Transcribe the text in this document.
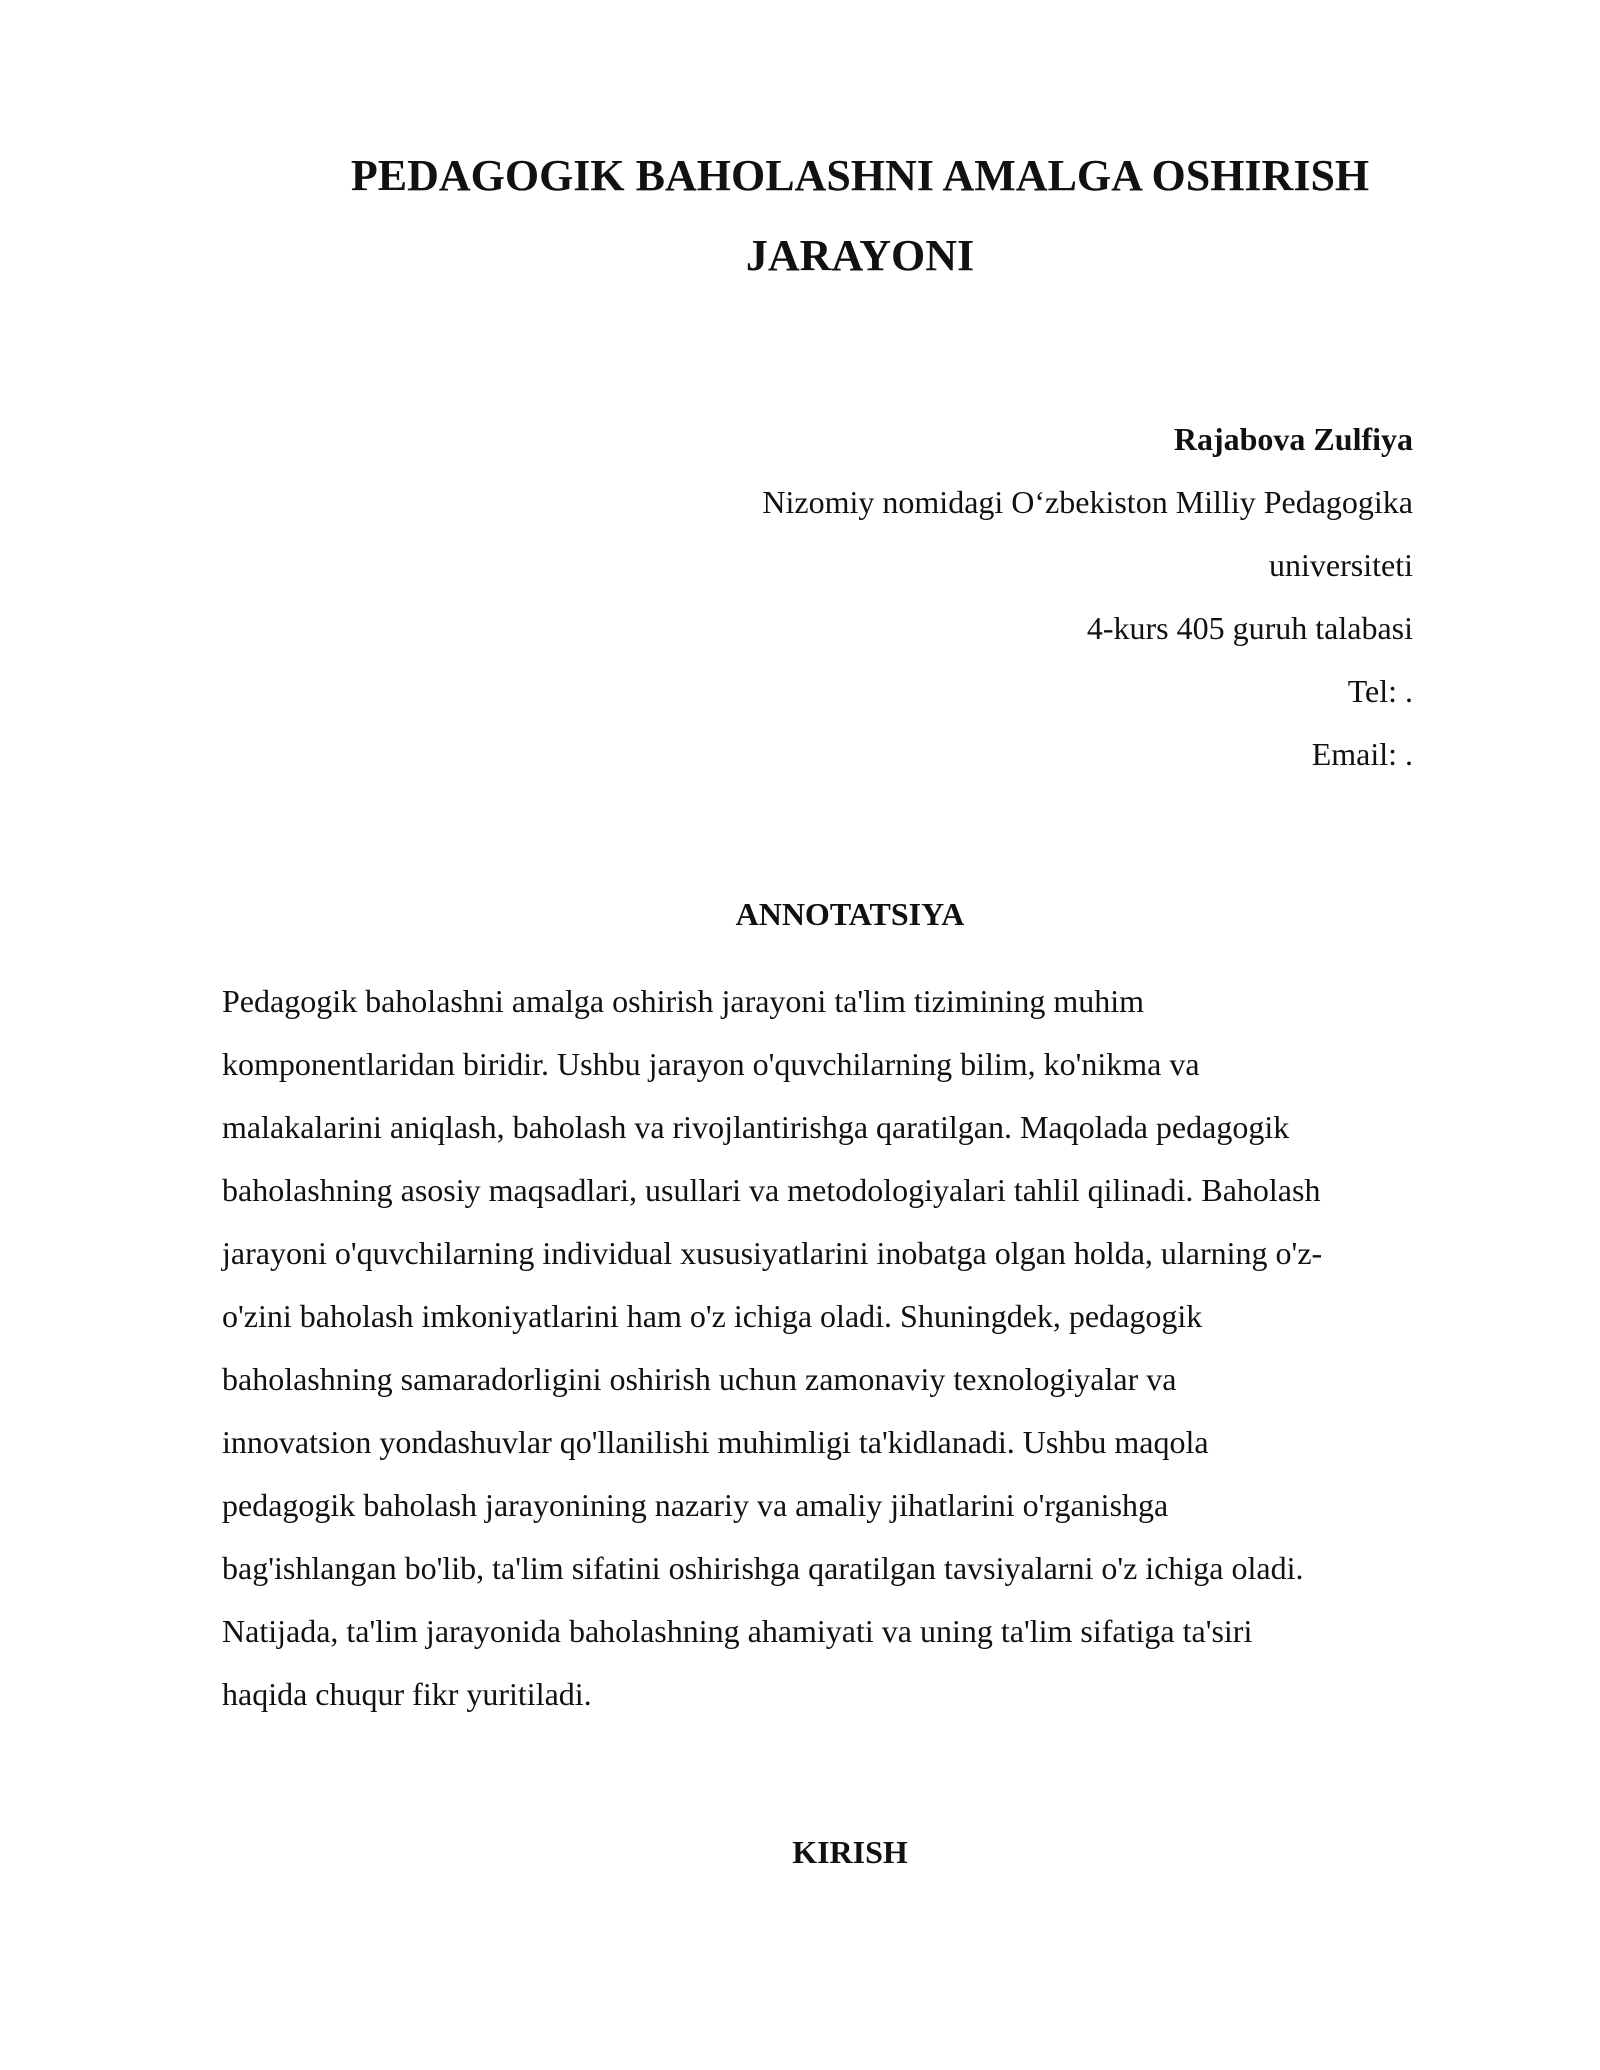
PEDAGOGIK BAHOLASHNI AMALGA OSHIRISH
JARAYONI
Rajabova Zulfiya
Nizomiy nomidagi O‘zbekiston Milliy Pedagogika
universiteti
4-kurs 405 guruh talabasi
Tel: .
Email: .
ANNOTATSIYA
Pedagogik baholashni amalga oshirish jarayoni ta'lim tizimining muhim
komponentlaridan biridir. Ushbu jarayon o'quvchilarning bilim, ko'nikma va
malakalarini aniqlash, baholash va rivojlantirishga qaratilgan. Maqolada pedagogik
baholashning asosiy maqsadlari, usullari va metodologiyalari tahlil qilinadi. Baholash
jarayoni o'quvchilarning individual xususiyatlarini inobatga olgan holda, ularning o'z-
o'zini baholash imkoniyatlarini ham o'z ichiga oladi. Shuningdek, pedagogik
baholashning samaradorligini oshirish uchun zamonaviy texnologiyalar va
innovatsion yondashuvlar qo'llanilishi muhimligi ta'kidlanadi. Ushbu maqola
pedagogik baholash jarayonining nazariy va amaliy jihatlarini o'rganishga
bag'ishlangan bo'lib, ta'lim sifatini oshirishga qaratilgan tavsiyalarni o'z ichiga oladi.
Natijada, ta'lim jarayonida baholashning ahamiyati va uning ta'lim sifatiga ta'siri
haqida chuqur fikr yuritiladi.
KIRISH
